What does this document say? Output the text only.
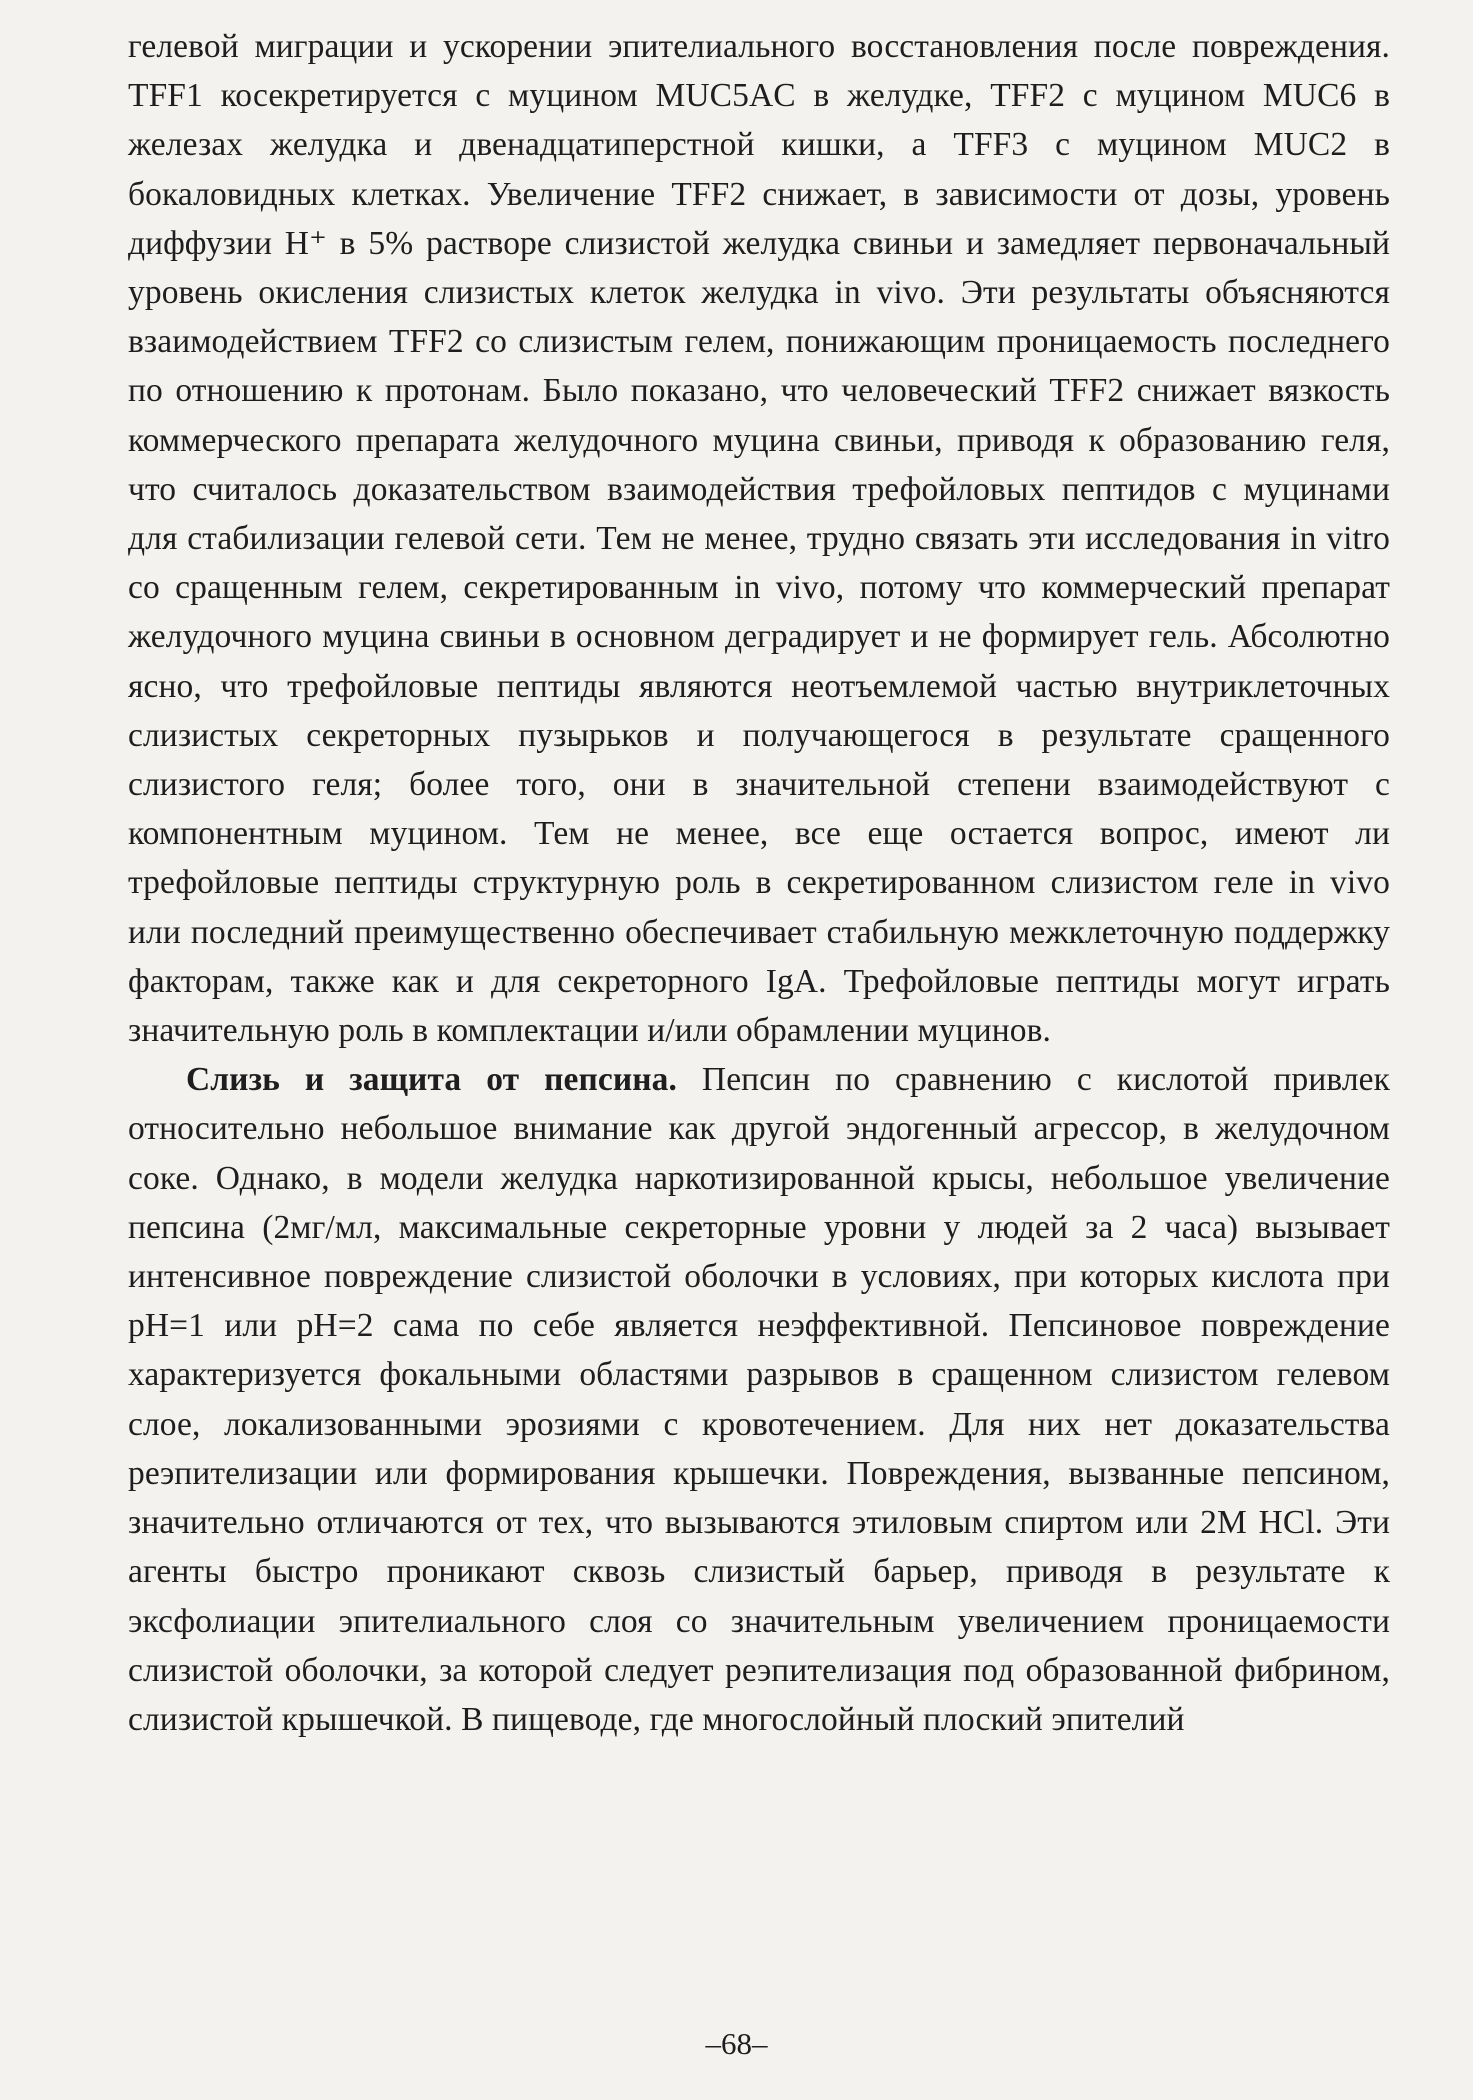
гелевой миграции и ускорении эпителиального восстановления после повреждения. TFF1 косекретируется с муцином MUC5AC в желудке, TFF2 с муцином MUC6 в железах желудка и двенадцатиперстной кишки, а TFF3 с муцином MUC2 в бокаловидных клетках. Увеличение TFF2 снижает, в зависимости от дозы, уровень диффузии H⁺ в 5% растворе слизистой желудка свиньи и замедляет первоначальный уровень окисления слизистых клеток желудка in vivo. Эти результаты объясняются взаимодействием TFF2 со слизистым гелем, понижающим проницаемость последнего по отношению к протонам. Было показано, что человеческий TFF2 снижает вязкость коммерческого препарата желудочного муцина свиньи, приводя к образованию геля, что считалось доказательством взаимодействия трефойловых пептидов с муцинами для стабилизации гелевой сети. Тем не менее, трудно связать эти исследования in vitro со сращенным гелем, секретированным in vivo, потому что коммерческий препарат желудочного муцина свиньи в основном деградирует и не формирует гель. Абсолютно ясно, что трефойловые пептиды являются неотъемлемой частью внутриклеточных слизистых секреторных пузырьков и получающегося в результате сращенного слизистого геля; более того, они в значительной степени взаимодействуют с компонентным муцином. Тем не менее, все еще остается вопрос, имеют ли трефойловые пептиды структурную роль в секретированном слизистом геле in vivo или последний преимущественно обеспечивает стабильную межклеточную поддержку факторам, также как и для секреторного IgA. Трефойловые пептиды могут играть значительную роль в комплектации и/или обрамлении муцинов.

Слизь и защита от пепсина. Пепсин по сравнению с кислотой привлек относительно небольшое внимание как другой эндогенный агрессор, в желудочном соке. Однако, в модели желудка наркотизированной крысы, небольшое увеличение пепсина (2мг/мл, максимальные секреторные уровни у людей за 2 часа) вызывает интенсивное повреждение слизистой оболочки в условиях, при которых кислота при pH=1 или pH=2 сама по себе является неэффективной. Пепсиновое повреждение характеризуется фокальными областями разрывов в сращенном слизистом гелевом слое, локализованными эрозиями с кровотечением. Для них нет доказательства реэпителизации или формирования крышечки. Повреждения, вызванные пепсином, значительно отличаются от тех, что вызываются этиловым спиртом или 2M HCl. Эти агенты быстро проникают сквозь слизистый барьер, приводя в результате к эксфолиации эпителиального слоя со значительным увеличением проницаемости слизистой оболочки, за которой следует реэпителизация под образованной фибрином, слизистой крышечкой. В пищеводе, где многослойный плоский эпителий

–68–
